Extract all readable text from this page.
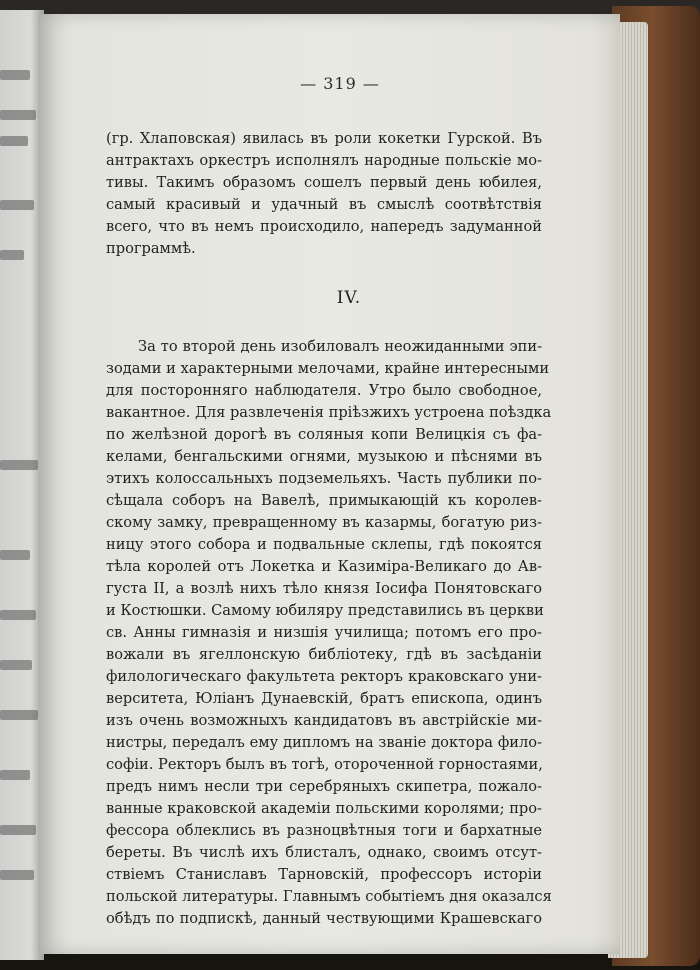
— 319 —
(гр. Хлаповская) явилась въ роли кокетки Гурской. Въ
антрактахъ оркестръ исполнялъ народные польскіе мо-
тивы. Такимъ образомъ сошелъ первый день юбилея,
самый красивый и удачный въ смыслѣ соотвѣтствія
всего, что въ немъ происходило, напередъ задуманной
программѣ.
IV.
За то второй день изобиловалъ неожиданными эпи-
зодами и характерными мелочами, крайне интересными
для посторонняго наблюдателя. Утро было свободное,
вакантное. Для развлеченія пріѣзжихъ устроена поѣздка
по желѣзной дорогѣ въ соляныя копи Велицкія съ фа-
келами, бенгальскими огнями, музыкою и пѣснями въ
этихъ колоссальныхъ подземельяхъ. Часть публики по-
сѣщала соборъ на Вавелѣ, примыкающій къ королев-
скому замку, превращенному въ казармы, богатую риз-
ницу этого собора и подвальные склепы, гдѣ покоятся
тѣла королей отъ Локетка и Казиміра-Великаго до Ав-
густа II, а возлѣ нихъ тѣло князя Іосифа Понятовскаго
и Костюшки. Самому юбиляру представились въ церкви
св. Анны гимназія и низшія училища; потомъ его про-
вожали въ ягеллонскую библіотеку, гдѣ въ засѣданіи
филологическаго факультета ректоръ краковскаго уни-
верситета, Юліанъ Дунаевскій, братъ епископа, одинъ
изъ очень возможныхъ кандидатовъ въ австрійскіе ми-
нистры, передалъ ему дипломъ на званіе доктора фило-
софіи. Ректоръ былъ въ тогѣ, отороченной горностаями,
предъ нимъ несли три серебряныхъ скипетра, пожало-
ванные краковской академіи польскими королями; про-
фессора облеклись въ разноцвѣтныя тоги и бархатные
береты. Въ числѣ ихъ блисталъ, однако, своимъ отсут-
ствіемъ Станиславъ Тарновскій, профессоръ исторіи
польской литературы. Главнымъ событіемъ дня оказался
обѣдъ по подпискѣ, данный чествующими Крашевскаго
